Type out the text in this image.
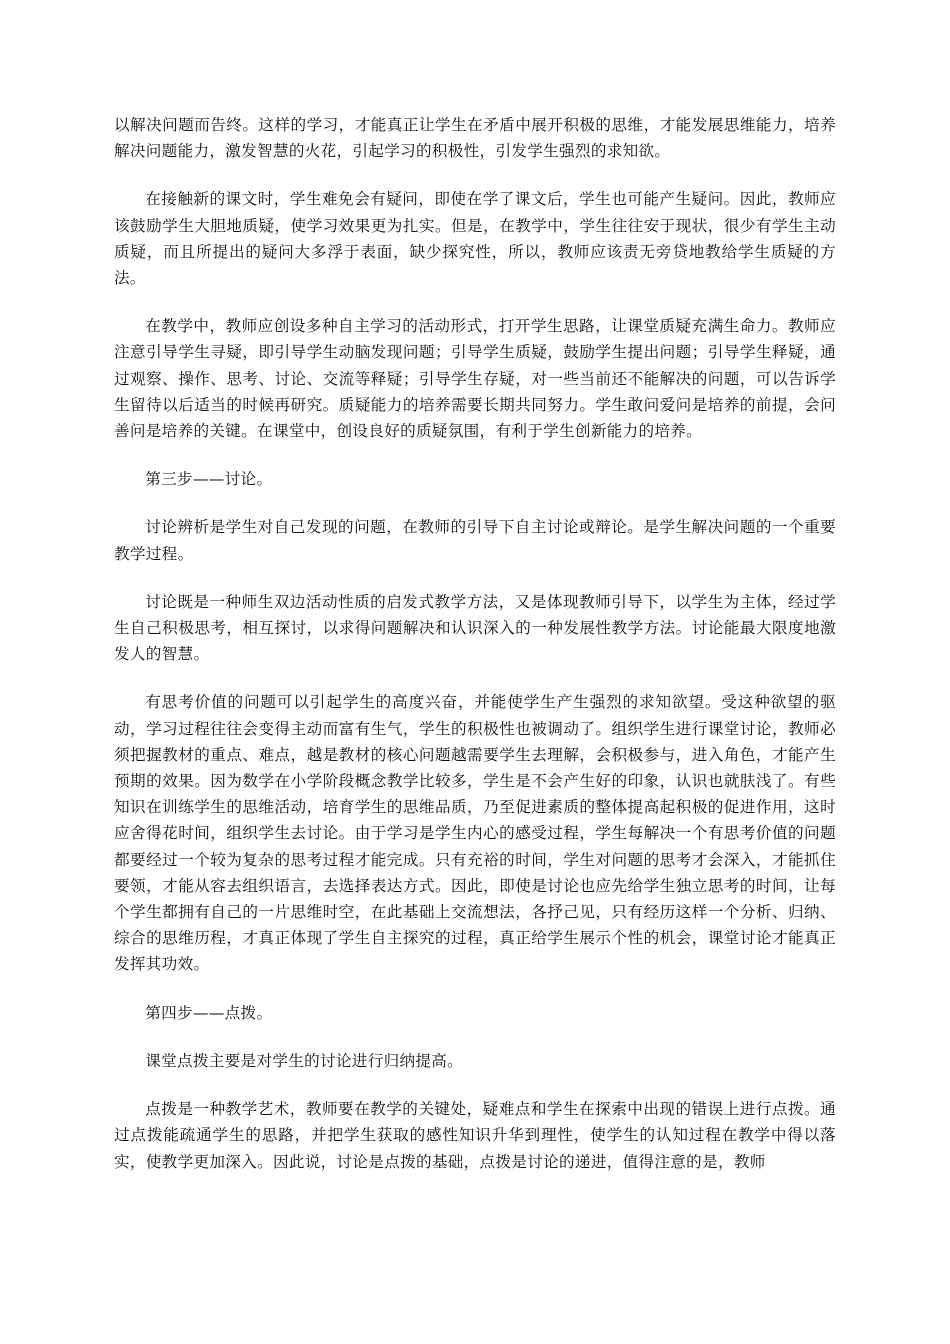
以解决问题而告终。这样的学习，才能真正让学生在矛盾中展开积极的思维，才能发展思维能力，培养解决问题能力，激发智慧的火花，引起学习的积极性，引发学生强烈的求知欲。

在接触新的课文时，学生难免会有疑问，即使在学了课文后，学生也可能产生疑问。因此，教师应该鼓励学生大胆地质疑，使学习效果更为扎实。但是，在教学中，学生往往安于现状，很少有学生主动质疑，而且所提出的疑问大多浮于表面，缺少探究性，所以，教师应该责无旁贷地教给学生质疑的方法。

在教学中，教师应创设多种自主学习的活动形式，打开学生思路，让课堂质疑充满生命力。教师应注意引导学生寻疑，即引导学生动脑发现问题；引导学生质疑，鼓励学生提出问题；引导学生释疑，通过观察、操作、思考、讨论、交流等释疑；引导学生存疑，对一些当前还不能解决的问题，可以告诉学生留待以后适当的时候再研究。质疑能力的培养需要长期共同努力。学生敢问爱问是培养的前提，会问善问是培养的关键。在课堂中，创设良好的质疑氛围，有利于学生创新能力的培养。

第三步——讨论。

讨论辨析是学生对自己发现的问题，在教师的引导下自主讨论或辩论。是学生解决问题的一个重要教学过程。

讨论既是一种师生双边活动性质的启发式教学方法，又是体现教师引导下，以学生为主体，经过学生自己积极思考，相互探讨，以求得问题解决和认识深入的一种发展性教学方法。讨论能最大限度地激发人的智慧。

有思考价值的问题可以引起学生的高度兴奋，并能使学生产生强烈的求知欲望。受这种欲望的驱动，学习过程往往会变得主动而富有生气，学生的积极性也被调动了。组织学生进行课堂讨论，教师必须把握教材的重点、难点，越是教材的核心问题越需要学生去理解，会积极参与，进入角色，才能产生预期的效果。因为数学在小学阶段概念教学比较多，学生是不会产生好的印象，认识也就肤浅了。有些知识在训练学生的思维活动，培育学生的思维品质，乃至促进素质的整体提高起积极的促进作用，这时应舍得花时间，组织学生去讨论。由于学习是学生内心的感受过程，学生每解决一个有思考价值的问题都要经过一个较为复杂的思考过程才能完成。只有充裕的时间，学生对问题的思考才会深入，才能抓住要领，才能从容去组织语言，去选择表达方式。因此，即使是讨论也应先给学生独立思考的时间，让每个学生都拥有自己的一片思维时空，在此基础上交流想法，各抒己见，只有经历这样一个分析、归纳、综合的思维历程，才真正体现了学生自主探究的过程，真正给学生展示个性的机会，课堂讨论才能真正发挥其功效。

第四步——点拨。

课堂点拨主要是对学生的讨论进行归纳提高。

点拨是一种教学艺术，教师要在教学的关键处，疑难点和学生在探索中出现的错误上进行点拨。通过点拨能疏通学生的思路，并把学生获取的感性知识升华到理性，使学生的认知过程在教学中得以落实，使教学更加深入。因此说，讨论是点拨的基础，点拨是讨论的递进，值得注意的是，教师
